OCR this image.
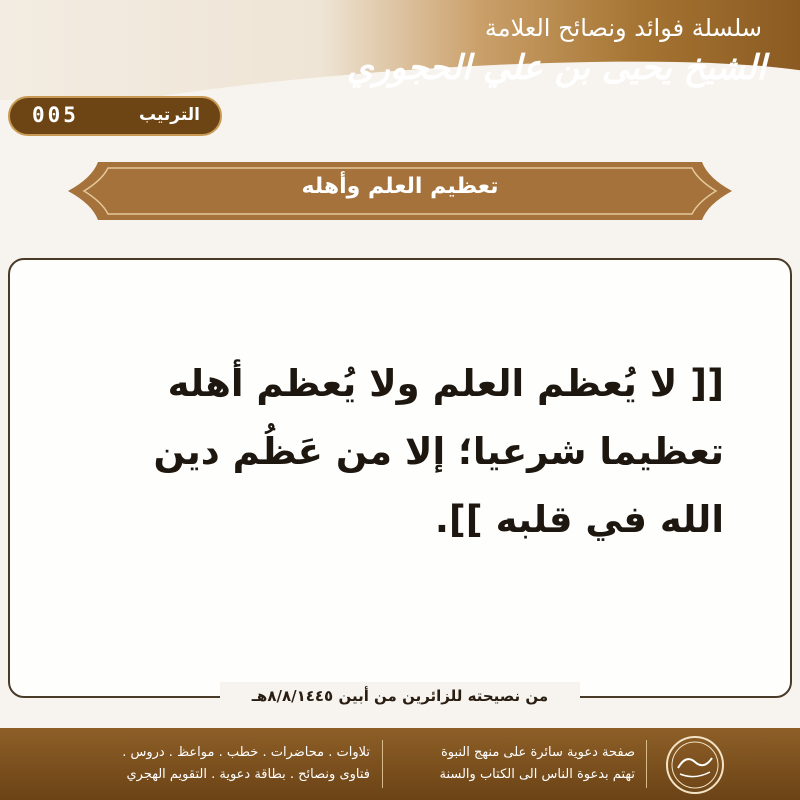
سلسلة فوائد ونصائح العلامة
الشيخ يحيى بن علي الحجوري
005	الترتيب
تعظيم العلم وأهله
[[ لا يُعظم العلم ولا يُعظم أهله تعظيما شرعيا؛ إلا من عَظُم دين الله في قلبه ]].
من نصيحته للزائرين من أبين ٨/٨/١٤٤٥هـ
تلاوات . محاضرات . خطب . مواعظ . دروس .
فتاوى ونصائح . بطاقة دعوية . التقويم الهجري
صفحة دعوية سائرة على منهج النبوة
تهتم بدعوة الناس الى الكتاب والسنة
